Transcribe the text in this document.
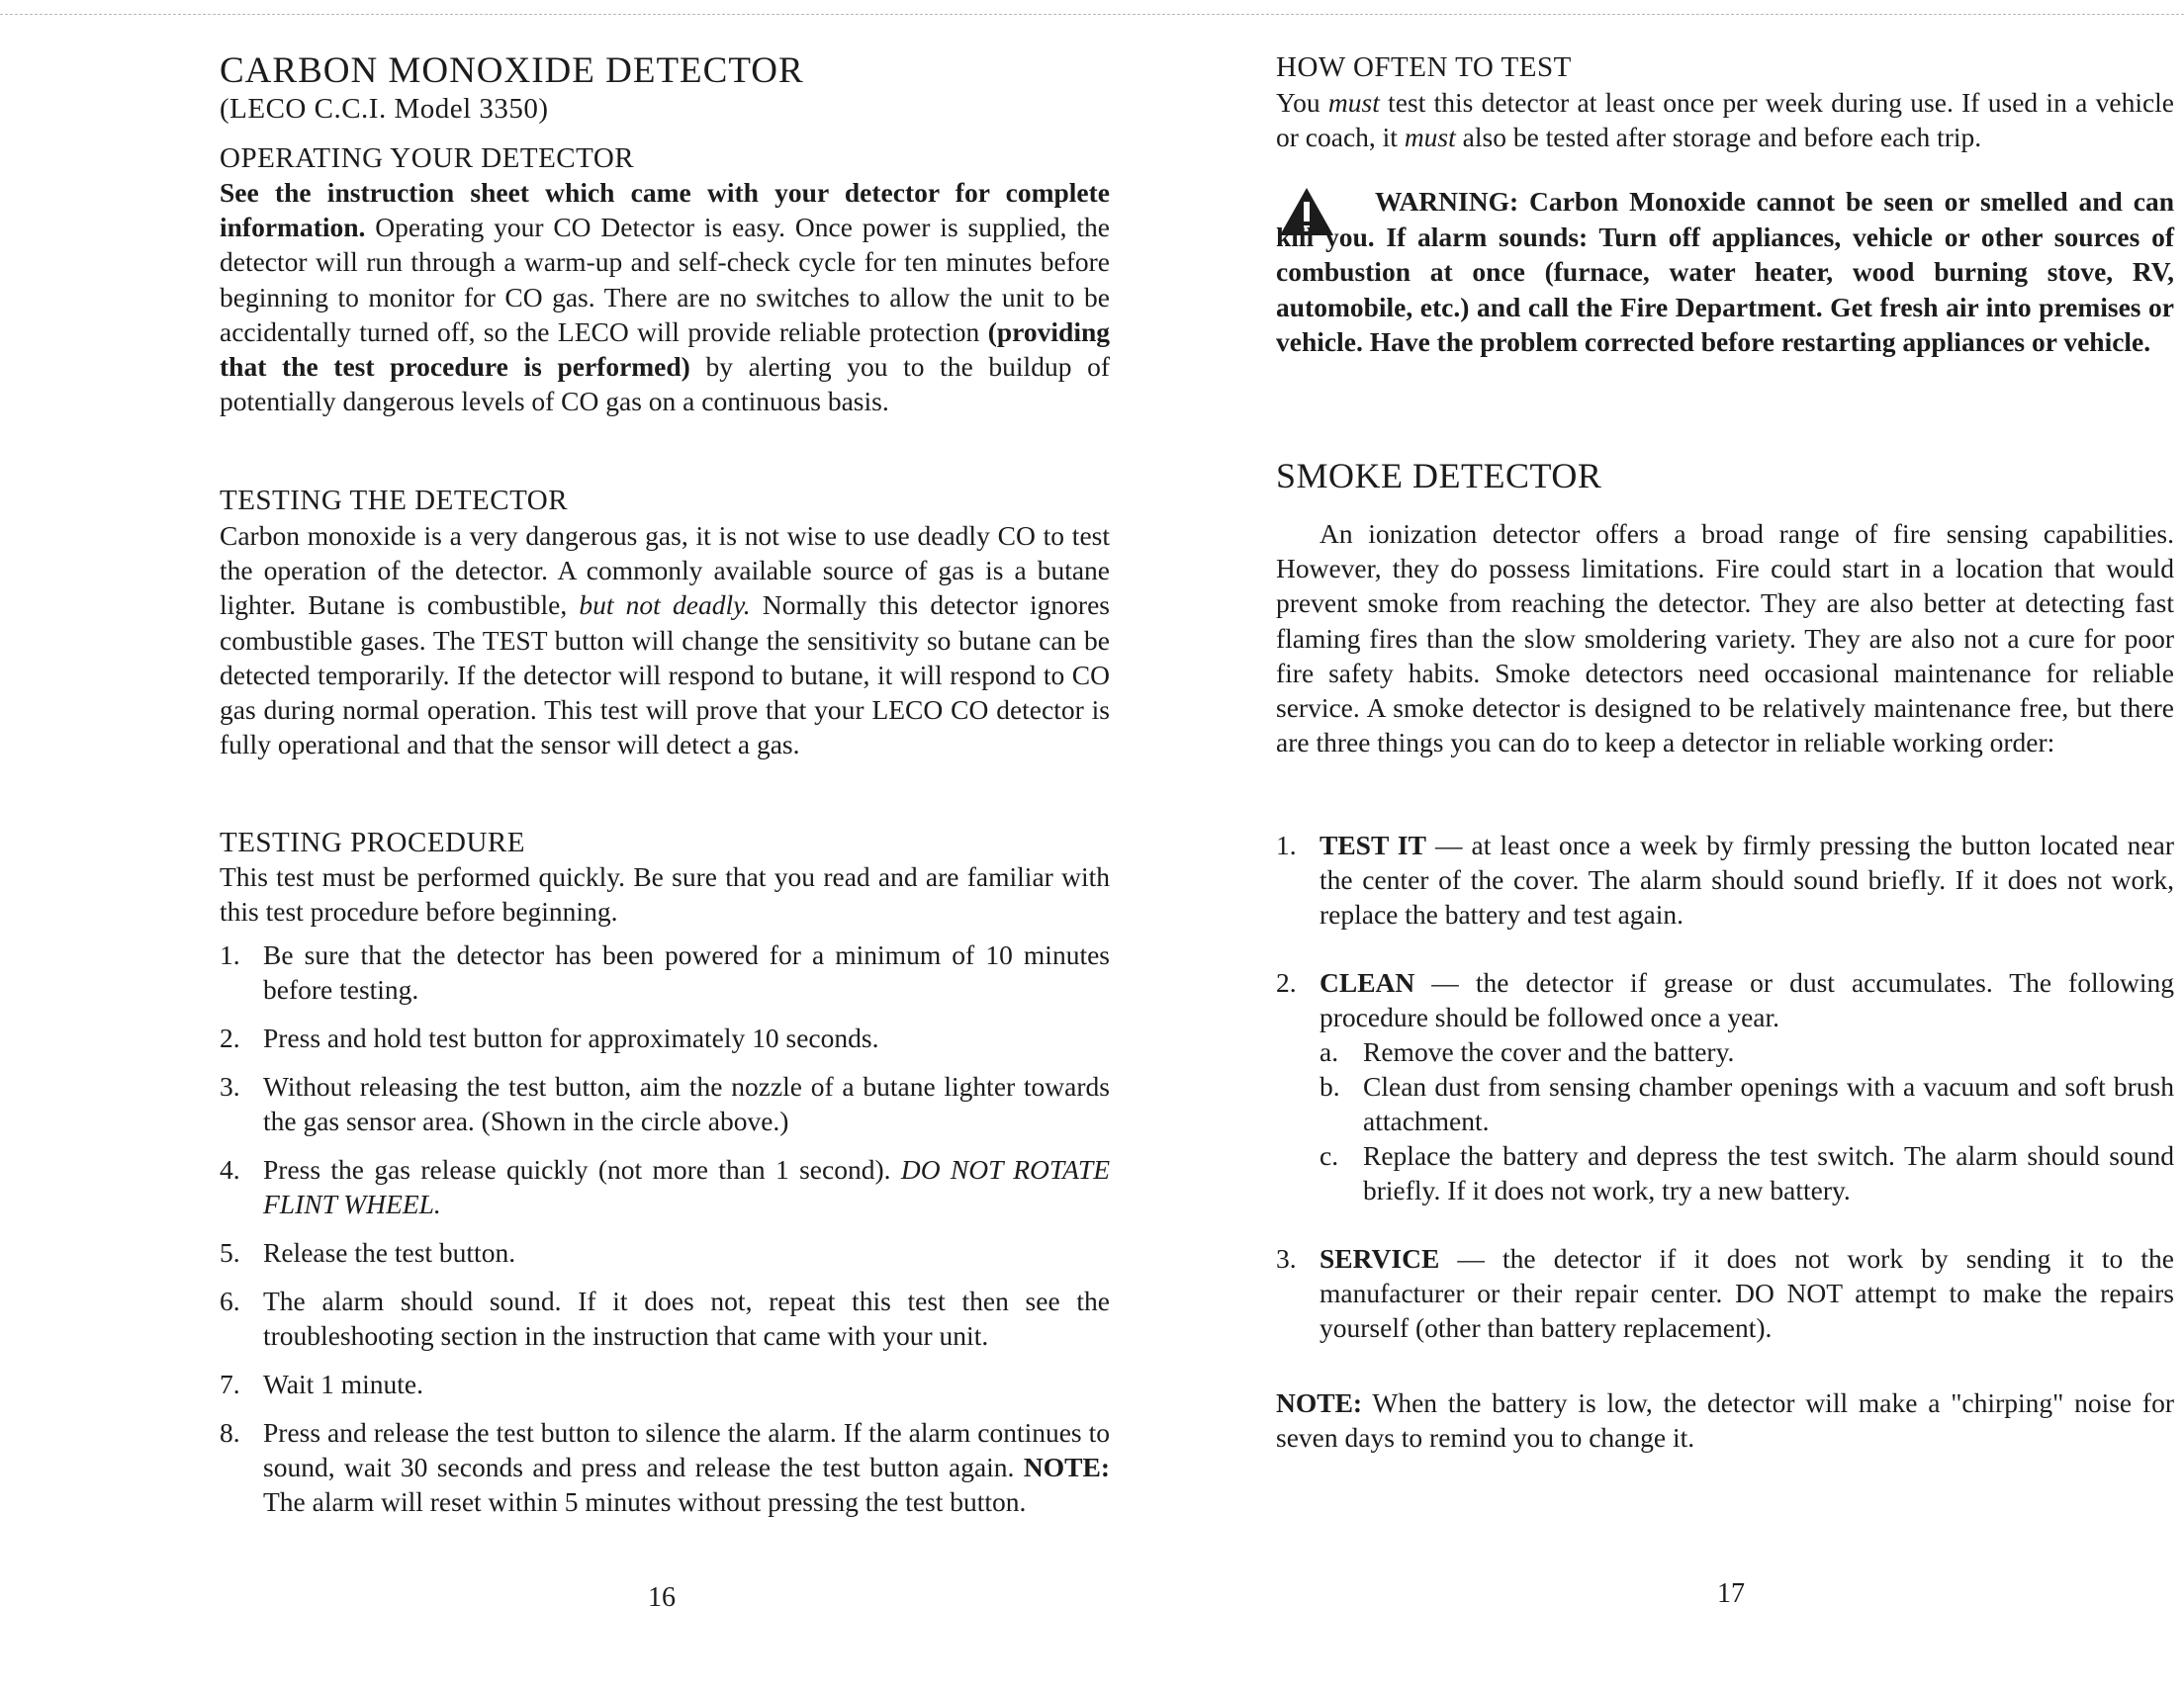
CARBON MONOXIDE DETECTOR
(LECO C.C.I. Model 3350)
OPERATING YOUR DETECTOR

See the instruction sheet which came with your detector for complete information. Operating your CO Detector is easy. Once power is supplied, the detector will run through a warm-up and self-check cycle for ten minutes before beginning to monitor for CO gas. There are no switches to allow the unit to be accidentally turned off, so the LECO will provide reliable protection (providing that the test procedure is performed) by alerting you to the buildup of potentially dangerous levels of CO gas on a continuous basis.

TESTING THE DETECTOR

Carbon monoxide is a very dangerous gas, it is not wise to use deadly CO to test the operation of the detector. A commonly available source of gas is a butane lighter. Butane is combustible, but not deadly. Normally this detector ignores combustible gases. The TEST button will change the sensitivity so butane can be detected temporarily. If the detector will respond to butane, it will respond to CO gas during normal operation. This test will prove that your LECO CO detector is fully operational and that the sensor will detect a gas.

TESTING PROCEDURE

This test must be performed quickly. Be sure that you read and are familiar with this test procedure before beginning.

1. Be sure that the detector has been powered for a minimum of 10 minutes before testing.
2. Press and hold test button for approximately 10 seconds.
3. Without releasing the test button, aim the nozzle of a butane lighter towards the gas sensor area. (Shown in the circle above.)
4. Press the gas release quickly (not more than 1 second). DO NOT ROTATE FLINT WHEEL.
5. Release the test button.
6. The alarm should sound. If it does not, repeat this test then see the troubleshooting section in the instruction that came with your unit.
7. Wait 1 minute.
8. Press and release the test button to silence the alarm. If the alarm continues to sound, wait 30 seconds and press and release the test button again. NOTE: The alarm will reset within 5 minutes without pressing the test button.
16
HOW OFTEN TO TEST

You must test this detector at least once per week during use. If used in a vehicle or coach, it must also be tested after storage and before each trip.

WARNING: Carbon Monoxide cannot be seen or smelled and can kill you. If alarm sounds: Turn off appliances, vehicle or other sources of combustion at once (furnace, water heater, wood burning stove, RV, automobile, etc.) and call the Fire Department. Get fresh air into premises or vehicle. Have the problem corrected before restarting appliances or vehicle.

SMOKE DETECTOR

An ionization detector offers a broad range of fire sensing capabilities. However, they do possess limitations. Fire could start in a location that would prevent smoke from reaching the detector. They are also better at detecting fast flaming fires than the slow smoldering variety. They are also not a cure for poor fire safety habits. Smoke detectors need occasional maintenance for reliable service. A smoke detector is designed to be relatively maintenance free, but there are three things you can do to keep a detector in reliable working order:

1. TEST IT — at least once a week by firmly pressing the button located near the center of the cover. The alarm should sound briefly. If it does not work, replace the battery and test again.
2. CLEAN — the detector if grease or dust accumulates. The following procedure should be followed once a year.
a. Remove the cover and the battery.
b. Clean dust from sensing chamber openings with a vacuum and soft brush attachment.
c. Replace the battery and depress the test switch. The alarm should sound briefly. If it does not work, try a new battery.
3. SERVICE — the detector if it does not work by sending it to the manufacturer or their repair center. DO NOT attempt to make the repairs yourself (other than battery replacement).

NOTE: When the battery is low, the detector will make a "chirping" noise for seven days to remind you to change it.

17
